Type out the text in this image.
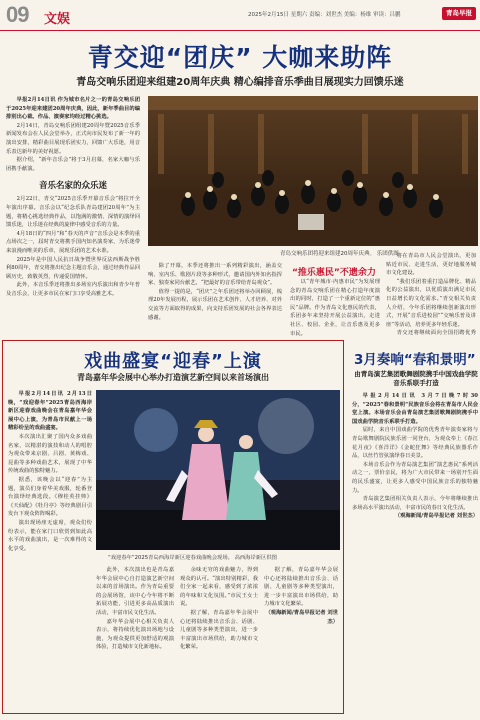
09 文娱	2025年2月15日 星期六 责编：刘世杰 美编：杨维 审读：吕鹏	青岛早报
青交迎“团庆” 大咖来助阵
青岛交响乐团迎来组建20周年庆典 精心编排音乐季曲目展现实力回馈乐迷

早报2月14日讯 作为城市名片之一的青岛交响乐团于2025年迎来建团20周年庆典，因此，新年季曲目的编排别出心裁、作品、演奏家均经过精心挑选。

2月14日，青岛交响乐团组建20周年暨2025音乐季新闻发布会在人民会堂举办，正式向市民发布了新一年的演出安排，精彩曲目展现乐团实力，回馈广大乐迷，用音乐表达新年的美好祝愿。

据介绍，“新年音乐会”将于3月启幕，名家大咖与乐团携手献演。

音乐名家的众乐迷

2月22日，青交“2025音乐季开幕音乐会”将拉开全年演出序幕。音乐会以“纪念乐队青岛建团20周年”为主题，将精心挑选经典作品，以饱满的激情、深情的演绎回馈乐迷，让乐迷在经典的旋律中感受音乐的力量。

4月18日的“四月”和“春天的声音”音乐会是本季的重点场次之一，届时青交将携手国内知名演奏家，为乐迷带来浪漫而唯美的乐章，展现乐团的艺术水准。

2025年是中国人民抗日战争暨世界反法西斯战争胜利80周年，青交将推出纪念主题音乐会，通过经典作品回顾历史，致敬英烈，传递爱国情怀。

此外，本音乐季还将推出多场室内乐演出和青少年普及音乐会，让更多市民在家门口享受高雅艺术。

青岛交响乐团将迎来组建20周年庆典。 乐团供图

除了开幕，本季还将推出一系列精彩演出，涵盖交响、室内乐、歌剧片段等多种形式，邀请国内外知名指挥家、独奏家同台献艺，“把最好的音乐带给青岛观众”。

值得一提的是，“团庆”之年乐团还将举办回顾展，梳理20年发展历程，展示乐团在艺术创作、人才培养、对外交流等方面取得的成果，向支持乐团发展的社会各界表达感谢。

“推乐惠民”不遗余力

以“青年城市·内惠市民”为发展理念的青岛交响乐团在精心打造年度演出的同时，打造了一个重新定位的“惠民”品牌。作为青岛文化惠民的代表，乐团多年来坚持开展公益演出，走进社区、校园、企业，让音乐惠及更多市民。

将在青岛市人民会堂演出，更加贴近市民、走进生活，更好地服务城市文化建设。

“我们乐团着重打造品牌化、精品化的公益演出，以优质演出满足市民日益增长的文化需求。”青交相关负责人介绍，今年乐团将继续创新演出形式，开展“音乐进校园”“交响乐普及讲座”等活动，培养更多年轻乐迷。

青交还将继续面向全国招聘优秀

戏曲盛宴“迎春”上演
青岛嘉年华会展中心举办打造演艺新空间以来首场演出

早报2月14日讯 2月13日晚，“戏迎春年”2025青岛西海岸新区迎春戏曲晚会在青岛嘉年华会展中心上演，为青岛市民献上一场精彩纷呈的戏曲盛宴。

本次演出汇聚了国内众多戏曲名家，以精湛的演技和动人的唱腔为观众带来京剧、吕剧、黄梅戏、昆曲等多种戏曲艺术，展现了中华传统戏曲的独特魅力。

据悉，该晚会以“迎春”为主题，演员们身着华美戏服，轮番登台演绎经典选段。《穆桂英挂帅》《天仙配》《牡丹亭》等经典剧目引发台下观众阵阵喝彩。

演出现场座无虚席，观众们纷纷表示，能在家门口欣赏到如此高水平的戏曲演出，是一次难得的文化享受。

“戏迎春年”2025青岛西海岸新区迎春戏曲晚会现场。 高西海岸新区供图

此外，本次演出也是青岛嘉年华会展中心自打造演艺新空间以来的首场演出。作为青岛重要的会展场馆，该中心今年将不断拓展功能，引进更多高品质演出活动，丰富市民文化生活。

嘉年华会展中心相关负责人表示，将持续优化演出场地与设施，为观众提供更加舒适的观演体验，打造城市文化新地标。

余味无穷的戏曲魅力，得到观众的认可。“演出特别精彩，我们全家一起来看，感受到了浓浓的年味和文化氛围。”市民王女士说。

据了解，青岛嘉年华会展中心还将陆续推出音乐会、话剧、儿童剧等多种类型演出，进一步丰富演出市场供给，助力城市文化繁荣。

据了解，青岛嘉年华会展中心还将陆续推出音乐会、话剧、儿童剧等多种类型演出，进一步丰富演出市场供给，助力城市文化繁荣。

（观海新闻/青岛早报记者 刘世杰）
3月奏响“春和景明”
由青岛演艺集团歌舞剧院携手中国戏曲学院音乐系联手打造

早报2月14日讯 3月7日晚7时30分，“2025”春和景明“民族音乐会将在青岛市人民会堂上演。本场音乐会由青岛演艺集团歌舞剧院携手中国戏曲学院音乐系联手打造。

届时，来自中国戏曲学院的优秀青年演奏家将与青岛歌舞剧院民族乐团一同登台，为观众奉上《春江花月夜》《喜洋洋》《金蛇狂舞》等经典民族器乐作品，以丝竹管弦演绎春日美景。

本场音乐会作为青岛演艺集团“演艺惠民”系列活动之一，票价亲民，将为广大市民带来一场别开生面的民乐盛宴，让更多人感受中国民族音乐的独特魅力。

青岛演艺集团相关负责人表示，今年将继续推出多场高水平演出活动，丰富市民的春日文化生活。

（观海新闻/青岛早报记者 刘世杰）
